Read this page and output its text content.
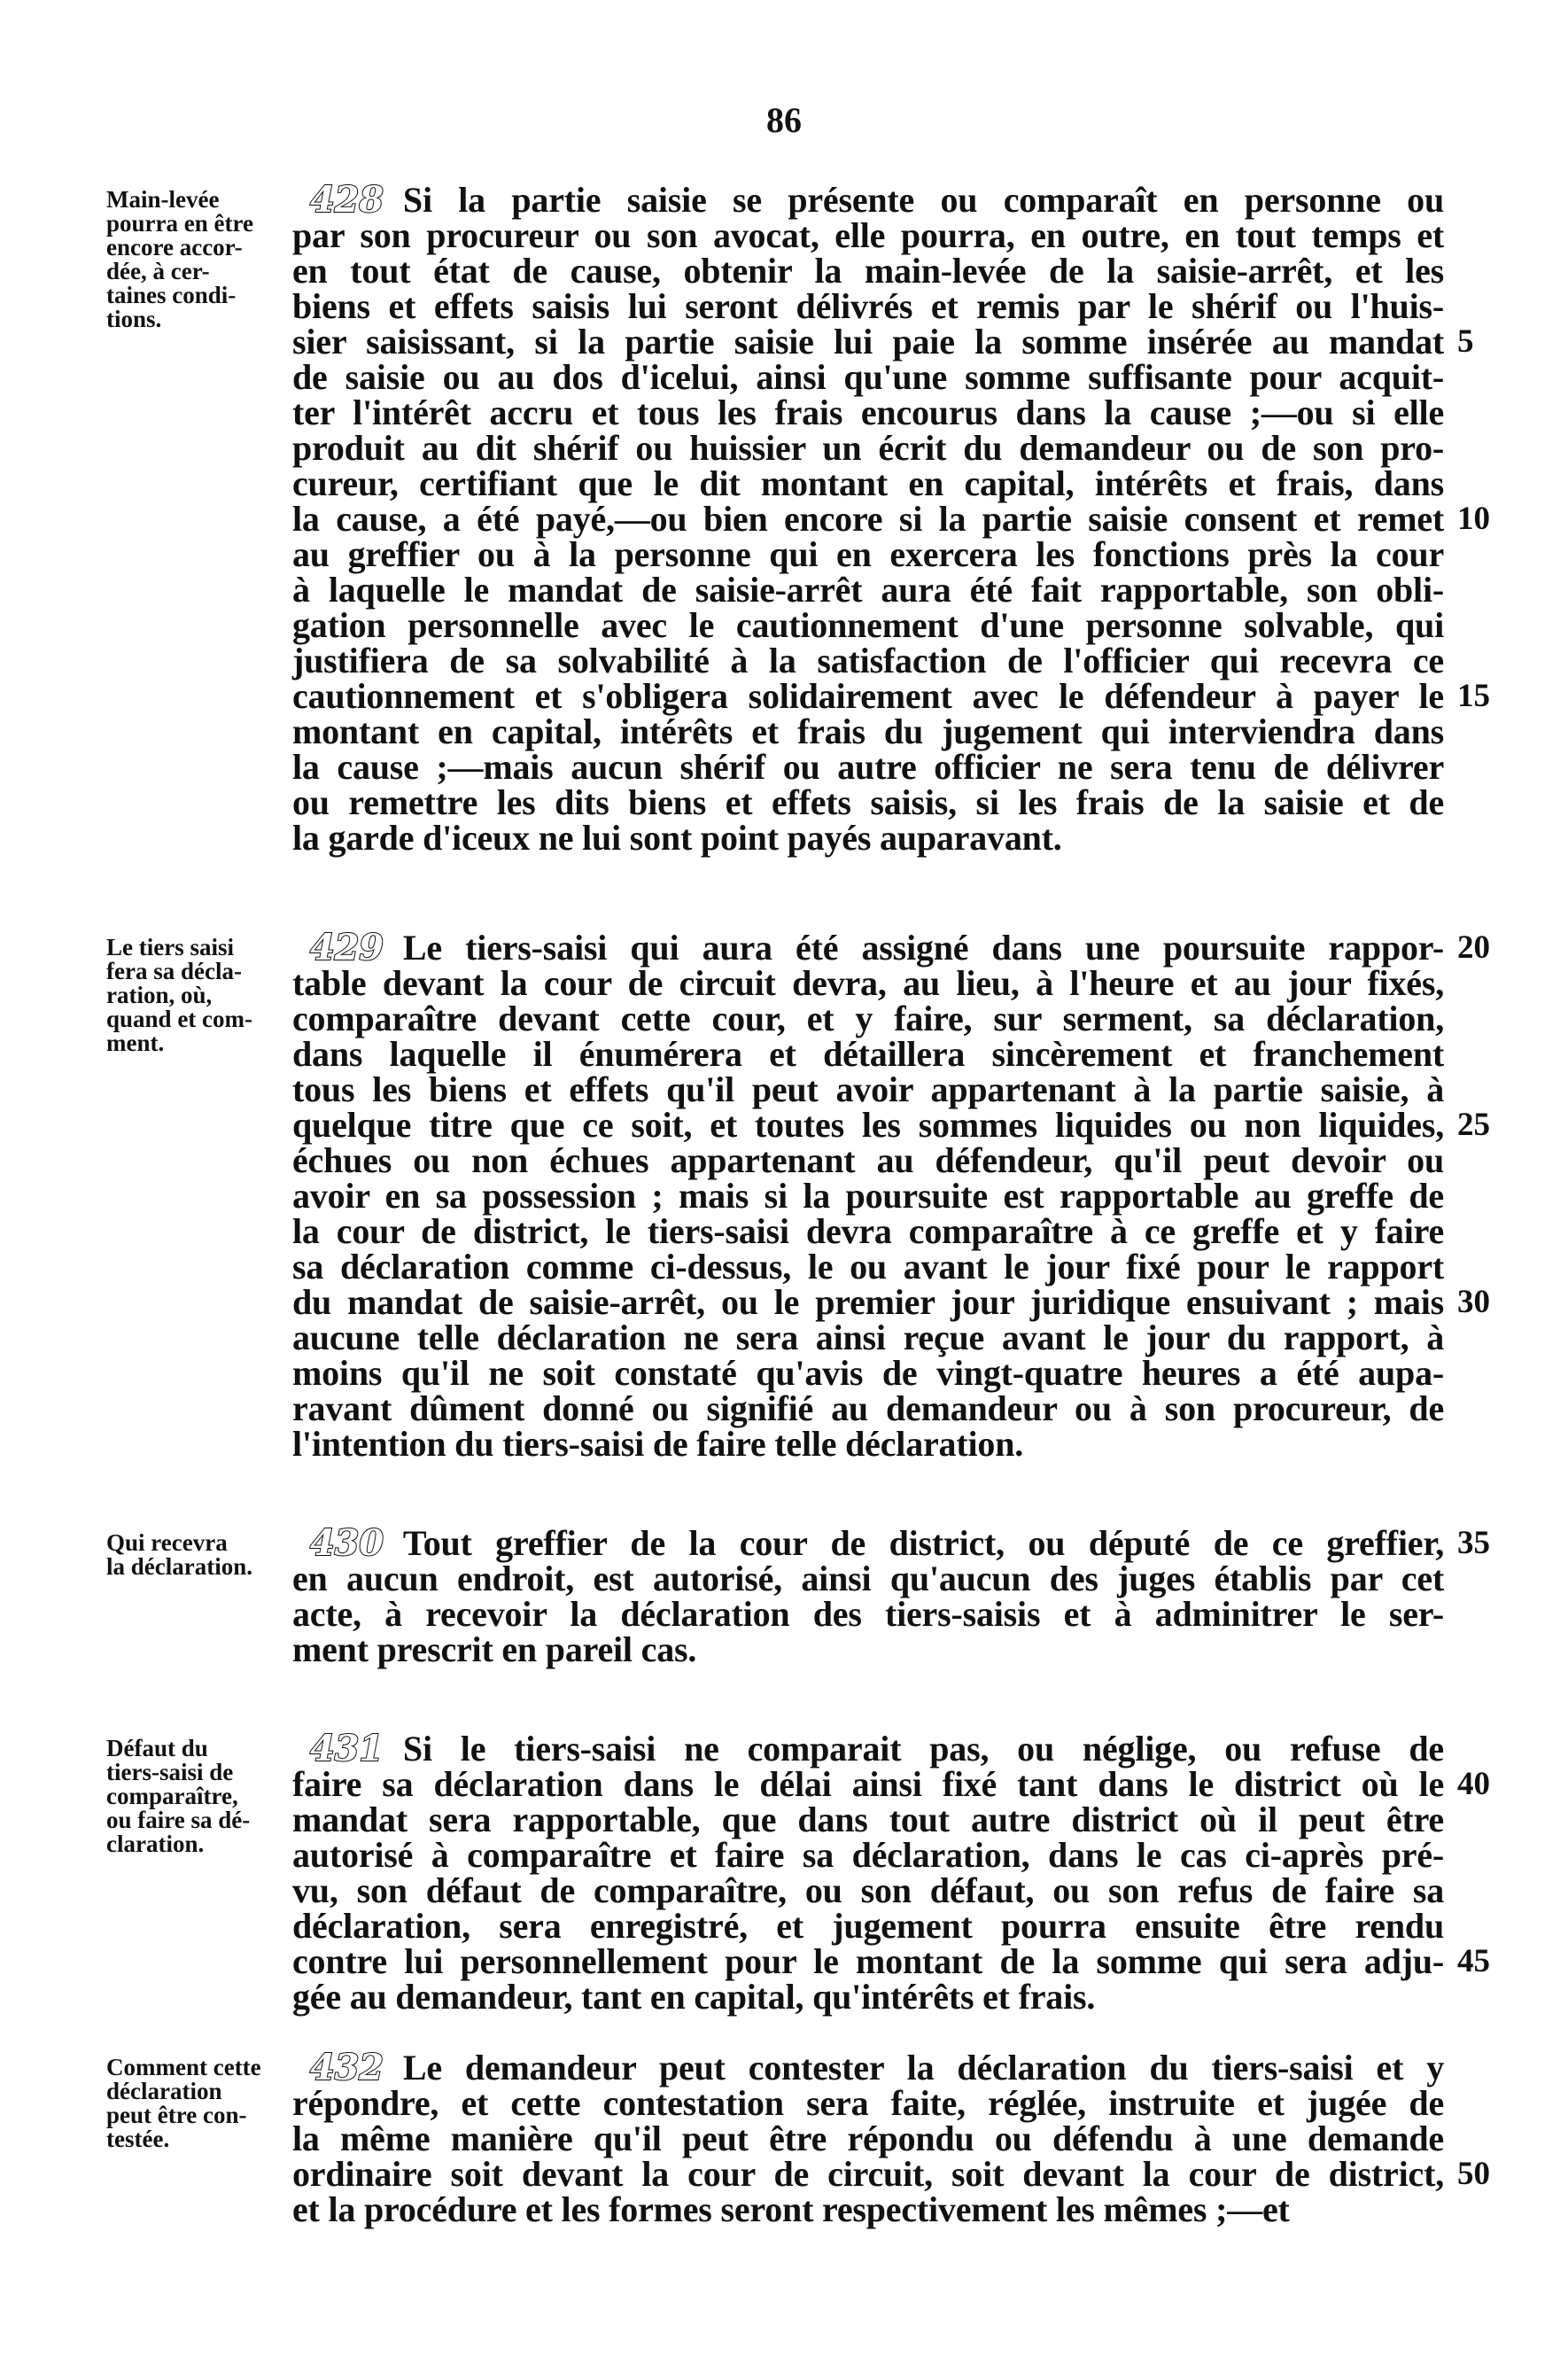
86
Main-levée
pourra en être
encore accor-
dée, à cer-
taines condi-
tions.
428 Si la partie saisie se présente ou comparaît en personne ou
par son procureur ou son avocat, elle pourra, en outre, en tout temps et
en tout état de cause, obtenir la main-levée de la saisie-arrêt, et les
biens et effets saisis lui seront délivrés et remis par le shérif ou l'huis-
sier saisissant, si la partie saisie lui paie la somme insérée au mandat
de saisie ou au dos d'icelui, ainsi qu'une somme suffisante pour acquit-
ter l'intérêt accru et tous les frais encourus dans la cause ;—ou si elle
produit au dit shérif ou huissier un écrit du demandeur ou de son pro-
cureur, certifiant que le dit montant en capital, intérêts et frais, dans
la cause, a été payé,—ou bien encore si la partie saisie consent et remet
au greffier ou à la personne qui en exercera les fonctions près la cour
à laquelle le mandat de saisie-arrêt aura été fait rapportable, son obli-
gation personnelle avec le cautionnement d'une personne solvable, qui
justifiera de sa solvabilité à la satisfaction de l'officier qui recevra ce
cautionnement et s'obligera solidairement avec le défendeur à payer le
montant en capital, intérêts et frais du jugement qui interviendra dans
la cause ;—mais aucun shérif ou autre officier ne sera tenu de délivrer
ou remettre les dits biens et effets saisis, si les frais de la saisie et de
la garde d'iceux ne lui sont point payés auparavant.
5
10
15
Le tiers saisi
fera sa décla-
ration, où,
quand et com-
ment.
429 Le tiers-saisi qui aura été assigné dans une poursuite rappor-
table devant la cour de circuit devra, au lieu, à l'heure et au jour fixés,
comparaître devant cette cour, et y faire, sur serment, sa déclaration,
dans laquelle il énumérera et détaillera sincèrement et franchement
tous les biens et effets qu'il peut avoir appartenant à la partie saisie, à
quelque titre que ce soit, et toutes les sommes liquides ou non liquides,
échues ou non échues appartenant au défendeur, qu'il peut devoir ou
avoir en sa possession ; mais si la poursuite est rapportable au greffe de
la cour de district, le tiers-saisi devra comparaître à ce greffe et y faire
sa déclaration comme ci-dessus, le ou avant le jour fixé pour le rapport
du mandat de saisie-arrêt, ou le premier jour juridique ensuivant ; mais
aucune telle déclaration ne sera ainsi reçue avant le jour du rapport, à
moins qu'il ne soit constaté qu'avis de vingt-quatre heures a été aupa-
ravant dûment donné ou signifié au demandeur ou à son procureur, de
l'intention du tiers-saisi de faire telle déclaration.
20
25
30
Qui recevra
la déclaration.
430 Tout greffier de la cour de district, ou député de ce greffier,
en aucun endroit, est autorisé, ainsi qu'aucun des juges établis par cet
acte, à recevoir la déclaration des tiers-saisis et à adminitrer le ser-
ment prescrit en pareil cas.
35
Défaut du
tiers-saisi de
comparaître,
ou faire sa dé-
claration.
431 Si le tiers-saisi ne comparait pas, ou néglige, ou refuse de
faire sa déclaration dans le délai ainsi fixé tant dans le district où le
mandat sera rapportable, que dans tout autre district où il peut être
autorisé à comparaître et faire sa déclaration, dans le cas ci-après pré-
vu, son défaut de comparaître, ou son défaut, ou son refus de faire sa
déclaration, sera enregistré, et jugement pourra ensuite être rendu
contre lui personnellement pour le montant de la somme qui sera adju-
gée au demandeur, tant en capital, qu'intérêts et frais.
40
45
Comment cette
déclaration
peut être con-
testée.
432 Le demandeur peut contester la déclaration du tiers-saisi et y
répondre, et cette contestation sera faite, réglée, instruite et jugée de
la même manière qu'il peut être répondu ou défendu à une demande
ordinaire soit devant la cour de circuit, soit devant la cour de district,
et la procédure et les formes seront respectivement les mêmes ;—et
50
